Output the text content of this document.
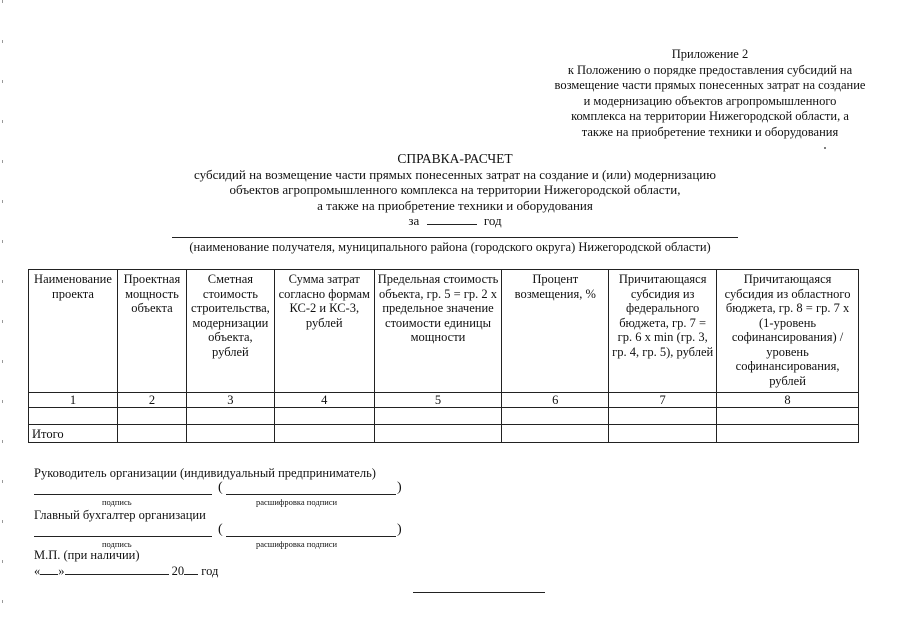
Приложение 2
к Положению о порядке предоставления субсидий на
возмещение части прямых понесенных затрат на создание
и модернизацию объектов агропромышленного
комплекса на территории Нижегородской области, а
также на приобретение техники и оборудования
СПРАВКА-РАСЧЕТ
субсидий на возмещение части прямых понесенных затрат на создание и (или) модернизацию
объектов агропромышленного комплекса на территории Нижегородской области,
а также на приобретение техники и оборудования
за	год
(наименование получателя, муниципального района (городского округа) Нижегородской области)
Наименование проекта	Проектная мощность объекта	Сметная стоимость строительства, модернизации объекта, рублей	Сумма затрат согласно формам КС-2 и КС-3, рублей	Предельная стоимость объекта, гр. 5 = гр. 2 х предельное значение стоимости единицы мощности	Процент возмещения, %	Причитающаяся субсидия из федерального бюджета, гр. 7 = гр. 6 x min (гр. 3, гр. 4, гр. 5), рублей	Причитающаяся субсидия из областного бюджета, гр. 8 = гр. 7 х (1-уровень софинансирования) /уровень софинансирования, рублей
1	2	3	4	5	6	7	8

Итого							
Руководитель организации (индивидуальный предприниматель)
(	)
подпись	расшифровка подписи
Главный бухгалтер организации
(	)
подпись	расшифровка подписи
М.П. (при наличии)
« »	20 год
